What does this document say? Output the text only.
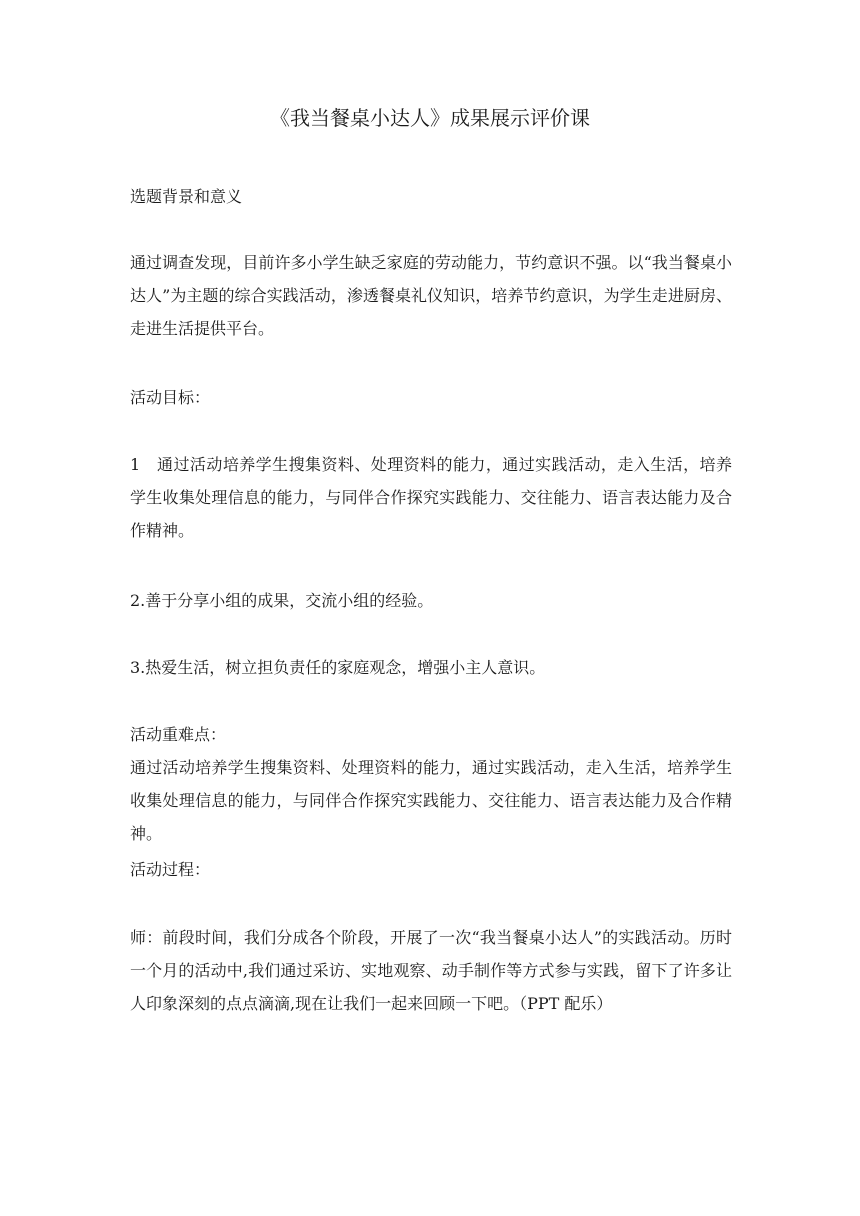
《我当餐桌小达人》成果展示评价课
选题背景和意义
通过调查发现，目前许多小学生缺乏家庭的劳动能力，节约意识不强。以“我当餐桌小达人”为主题的综合实践活动，渗透餐桌礼仪知识，培养节约意识，为学生走进厨房、走进生活提供平台。
活动目标：
1　通过活动培养学生搜集资料、处理资料的能力，通过实践活动，走入生活，培养学生收集处理信息的能力，与同伴合作探究实践能力、交往能力、语言表达能力及合作精神。
2.善于分享小组的成果，交流小组的经验。
3.热爱生活，树立担负责任的家庭观念，增强小主人意识。
活动重难点：
通过活动培养学生搜集资料、处理资料的能力，通过实践活动，走入生活，培养学生收集处理信息的能力，与同伴合作探究实践能力、交往能力、语言表达能力及合作精神。
活动过程：
师：前段时间，我们分成各个阶段，开展了一次“我当餐桌小达人”的实践活动。历时一个月的活动中,我们通过采访、实地观察、动手制作等方式参与实践，留下了许多让人印象深刻的点点滴滴,现在让我们一起来回顾一下吧。（PPT 配乐）
